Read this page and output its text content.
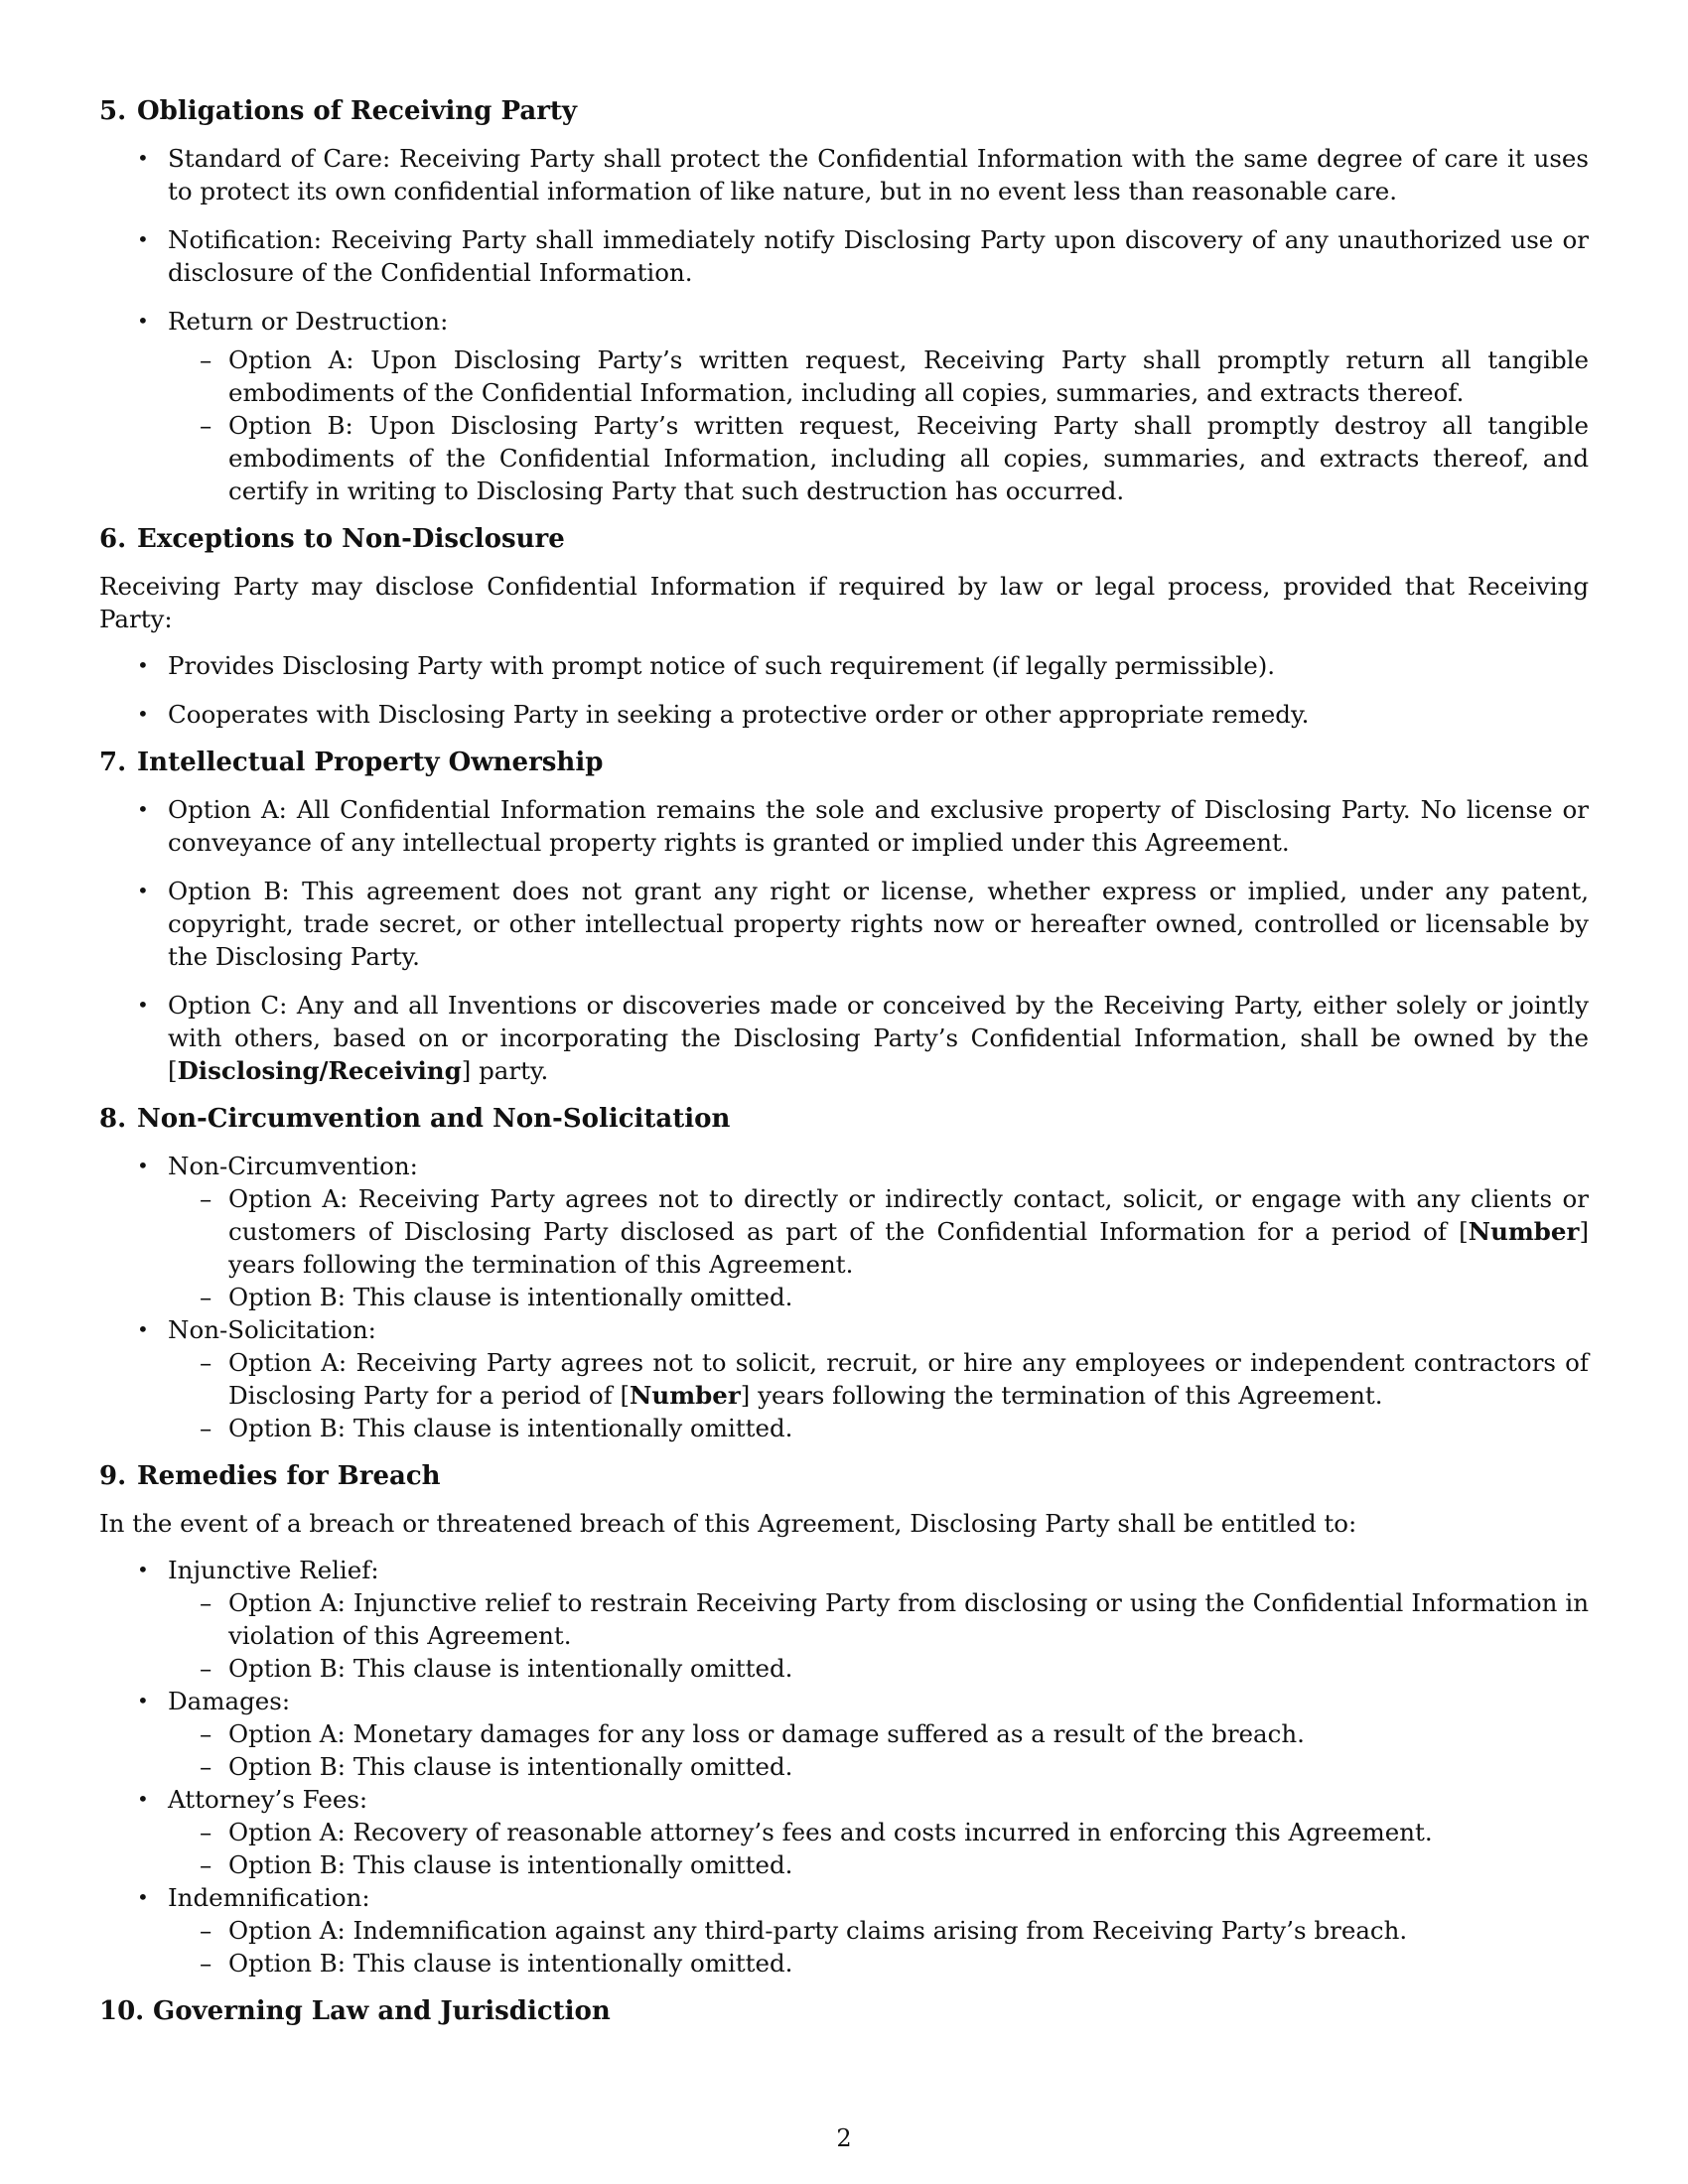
5. Obligations of Receiving Party
• Standard of Care: Receiving Party shall protect the Confidential Information with the same degree of care it uses to protect its own confidential information of like nature, but in no event less than reasonable care.
• Notification: Receiving Party shall immediately notify Disclosing Party upon discovery of any unauthorized use or disclosure of the Confidential Information.
• Return or Destruction:
– Option A: Upon Disclosing Party’s written request, Receiving Party shall promptly return all tangible embodiments of the Confidential Information, including all copies, summaries, and extracts thereof.
– Option B: Upon Disclosing Party’s written request, Receiving Party shall promptly destroy all tangible embodiments of the Confidential Information, including all copies, summaries, and extracts thereof, and certify in writing to Disclosing Party that such destruction has occurred.
6. Exceptions to Non-Disclosure

Receiving Party may disclose Confidential Information if required by law or legal process, provided that Receiving Party:

• Provides Disclosing Party with prompt notice of such requirement (if legally permissible).
• Cooperates with Disclosing Party in seeking a protective order or other appropriate remedy.
7. Intellectual Property Ownership
• Option A: All Confidential Information remains the sole and exclusive property of Disclosing Party. No license or conveyance of any intellectual property rights is granted or implied under this Agreement.
• Option B: This agreement does not grant any right or license, whether express or implied, under any patent, copyright, trade secret, or other intellectual property rights now or hereafter owned, controlled or licensable by the Disclosing Party.
• Option C: Any and all Inventions or discoveries made or conceived by the Receiving Party, either solely or jointly with others, based on or incorporating the Disclosing Party’s Confidential Information, shall be owned by the [Disclosing/Receiving] party.
8. Non-Circumvention and Non-Solicitation
• Non-Circumvention:
– Option A: Receiving Party agrees not to directly or indirectly contact, solicit, or engage with any clients or customers of Disclosing Party disclosed as part of the Confidential Information for a period of [Number] years following the termination of this Agreement.
– Option B: This clause is intentionally omitted.
• Non-Solicitation:
– Option A: Receiving Party agrees not to solicit, recruit, or hire any employees or independent contractors of Disclosing Party for a period of [Number] years following the termination of this Agreement.
– Option B: This clause is intentionally omitted.
9. Remedies for Breach

In the event of a breach or threatened breach of this Agreement, Disclosing Party shall be entitled to:

• Injunctive Relief:
– Option A: Injunctive relief to restrain Receiving Party from disclosing or using the Confidential Information in violation of this Agreement.
– Option B: This clause is intentionally omitted.
• Damages:
– Option A: Monetary damages for any loss or damage suffered as a result of the breach.
– Option B: This clause is intentionally omitted.
• Attorney’s Fees:
– Option A: Recovery of reasonable attorney’s fees and costs incurred in enforcing this Agreement.
– Option B: This clause is intentionally omitted.
• Indemnification:
– Option A: Indemnification against any third-party claims arising from Receiving Party’s breach.
– Option B: This clause is intentionally omitted.
10. Governing Law and Jurisdiction
2
